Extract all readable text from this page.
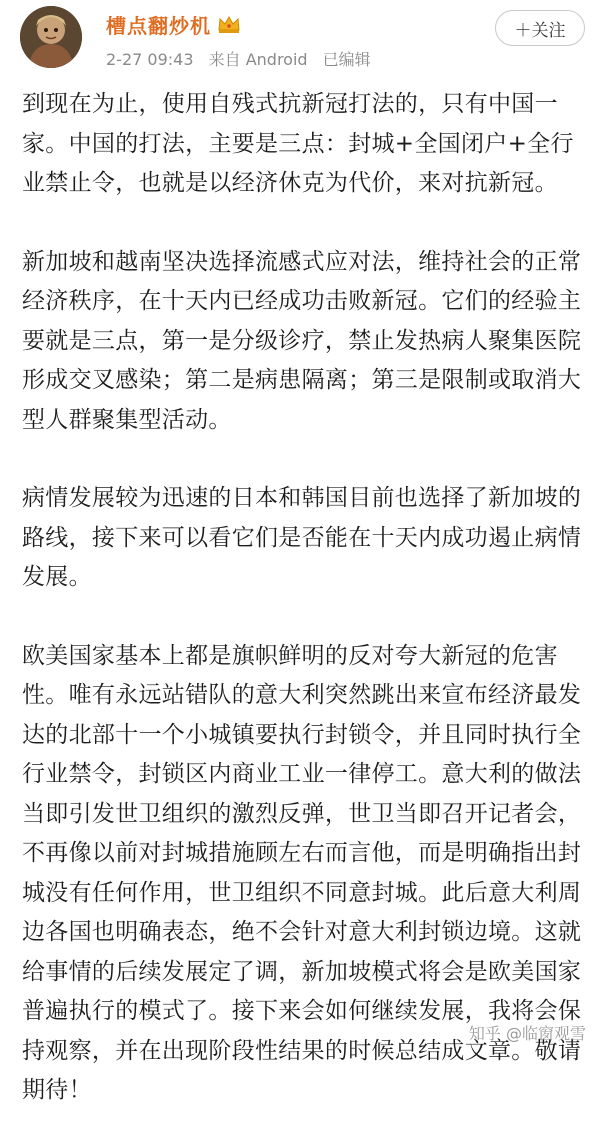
槽点翻炒机
2-27 09:43 来自 Android 已编辑
＋关注

到现在为止，使用自残式抗新冠打法的，只有中国一家。中国的打法，主要是三点：封城+全国闭户+全行业禁止令，也就是以经济休克为代价，来对抗新冠。

新加坡和越南坚决选择流感式应对法，维持社会的正常经济秩序，在十天内已经成功击败新冠。它们的经验主要就是三点，第一是分级诊疗，禁止发热病人聚集医院形成交叉感染；第二是病患隔离；第三是限制或取消大型人群聚集型活动。

病情发展较为迅速的日本和韩国目前也选择了新加坡的路线，接下来可以看它们是否能在十天内成功遏止病情发展。

欧美国家基本上都是旗帜鲜明的反对夸大新冠的危害性。唯有永远站错队的意大利突然跳出来宣布经济最发达的北部十一个小城镇要执行封锁令，并且同时执行全行业禁令，封锁区内商业工业一律停工。意大利的做法当即引发世卫组织的激烈反弹，世卫当即召开记者会，不再像以前对封城措施顾左右而言他，而是明确指出封城没有任何作用，世卫组织不同意封城。此后意大利周边各国也明确表态，绝不会针对意大利封锁边境。这就给事情的后续发展定了调，新加坡模式将会是欧美国家普遍执行的模式了。接下来会如何继续发展，我将会保持观察，并在出现阶段性结果的时候总结成文章。敬请期待！

知乎 @临窗观雪
